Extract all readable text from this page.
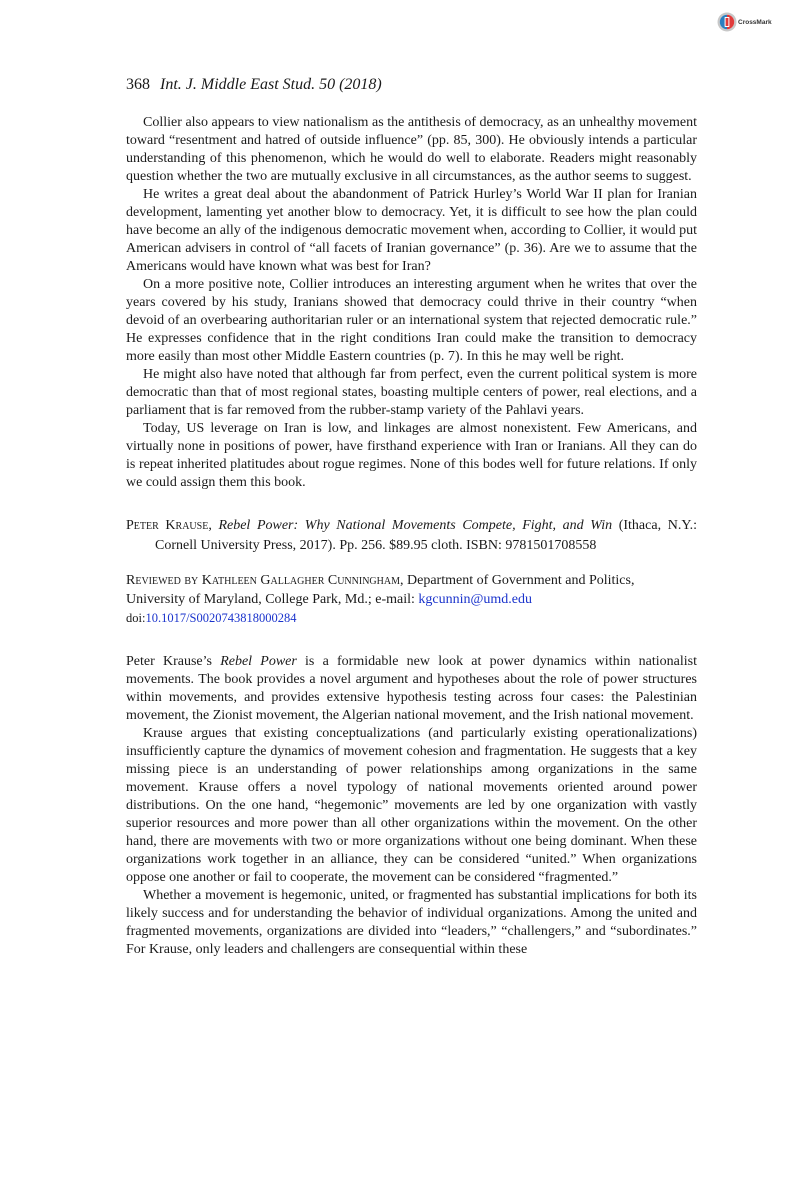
CrossMark
368 Int. J. Middle East Stud. 50 (2018)

Collier also appears to view nationalism as the antithesis of democracy, as an unhealthy movement toward “resentment and hatred of outside influence” (pp. 85, 300). He obviously intends a particular understanding of this phenomenon, which he would do well to elaborate. Readers might reasonably question whether the two are mutually exclusive in all circumstances, as the author seems to suggest.

He writes a great deal about the abandonment of Patrick Hurley’s World War II plan for Iranian development, lamenting yet another blow to democracy. Yet, it is difficult to see how the plan could have become an ally of the indigenous democratic movement when, according to Collier, it would put American advisers in control of “all facets of Iranian governance” (p. 36). Are we to assume that the Americans would have known what was best for Iran?

On a more positive note, Collier introduces an interesting argument when he writes that over the years covered by his study, Iranians showed that democracy could thrive in their country “when devoid of an overbearing authoritarian ruler or an international system that rejected democratic rule.” He expresses confidence that in the right conditions Iran could make the transition to democracy more easily than most other Middle Eastern countries (p. 7). In this he may well be right.

He might also have noted that although far from perfect, even the current political system is more democratic than that of most regional states, boasting multiple centers of power, real elections, and a parliament that is far removed from the rubber-stamp variety of the Pahlavi years.

Today, US leverage on Iran is low, and linkages are almost nonexistent. Few Americans, and virtually none in positions of power, have firsthand experience with Iran or Iranians. All they can do is repeat inherited platitudes about rogue regimes. None of this bodes well for future relations. If only we could assign them this book.

Peter Krause, Rebel Power: Why National Movements Compete, Fight, and Win (Ithaca, N.Y.: Cornell University Press, 2017). Pp. 256. $89.95 cloth. ISBN: 9781501708558

Reviewed by Kathleen Gallagher Cunningham, Department of Government and Politics, University of Maryland, College Park, Md.; e-mail: kgcunnin@umd.edu

doi:10.1017/S0020743818000284

Peter Krause’s Rebel Power is a formidable new look at power dynamics within nationalist movements. The book provides a novel argument and hypotheses about the role of power structures within movements, and provides extensive hypothesis testing across four cases: the Palestinian movement, the Zionist movement, the Algerian national movement, and the Irish national movement.

Krause argues that existing conceptualizations (and particularly existing operationalizations) insufficiently capture the dynamics of movement cohesion and fragmentation. He suggests that a key missing piece is an understanding of power relationships among organizations in the same movement. Krause offers a novel typology of national movements oriented around power distributions. On the one hand, “hegemonic” movements are led by one organization with vastly superior resources and more power than all other organizations within the movement. On the other hand, there are movements with two or more organizations without one being dominant. When these organizations work together in an alliance, they can be considered “united.” When organizations oppose one another or fail to cooperate, the movement can be considered “fragmented.”

Whether a movement is hegemonic, united, or fragmented has substantial implications for both its likely success and for understanding the behavior of individual organizations. Among the united and fragmented movements, organizations are divided into “leaders,” “challengers,” and “subordinates.” For Krause, only leaders and challengers are consequential within these
